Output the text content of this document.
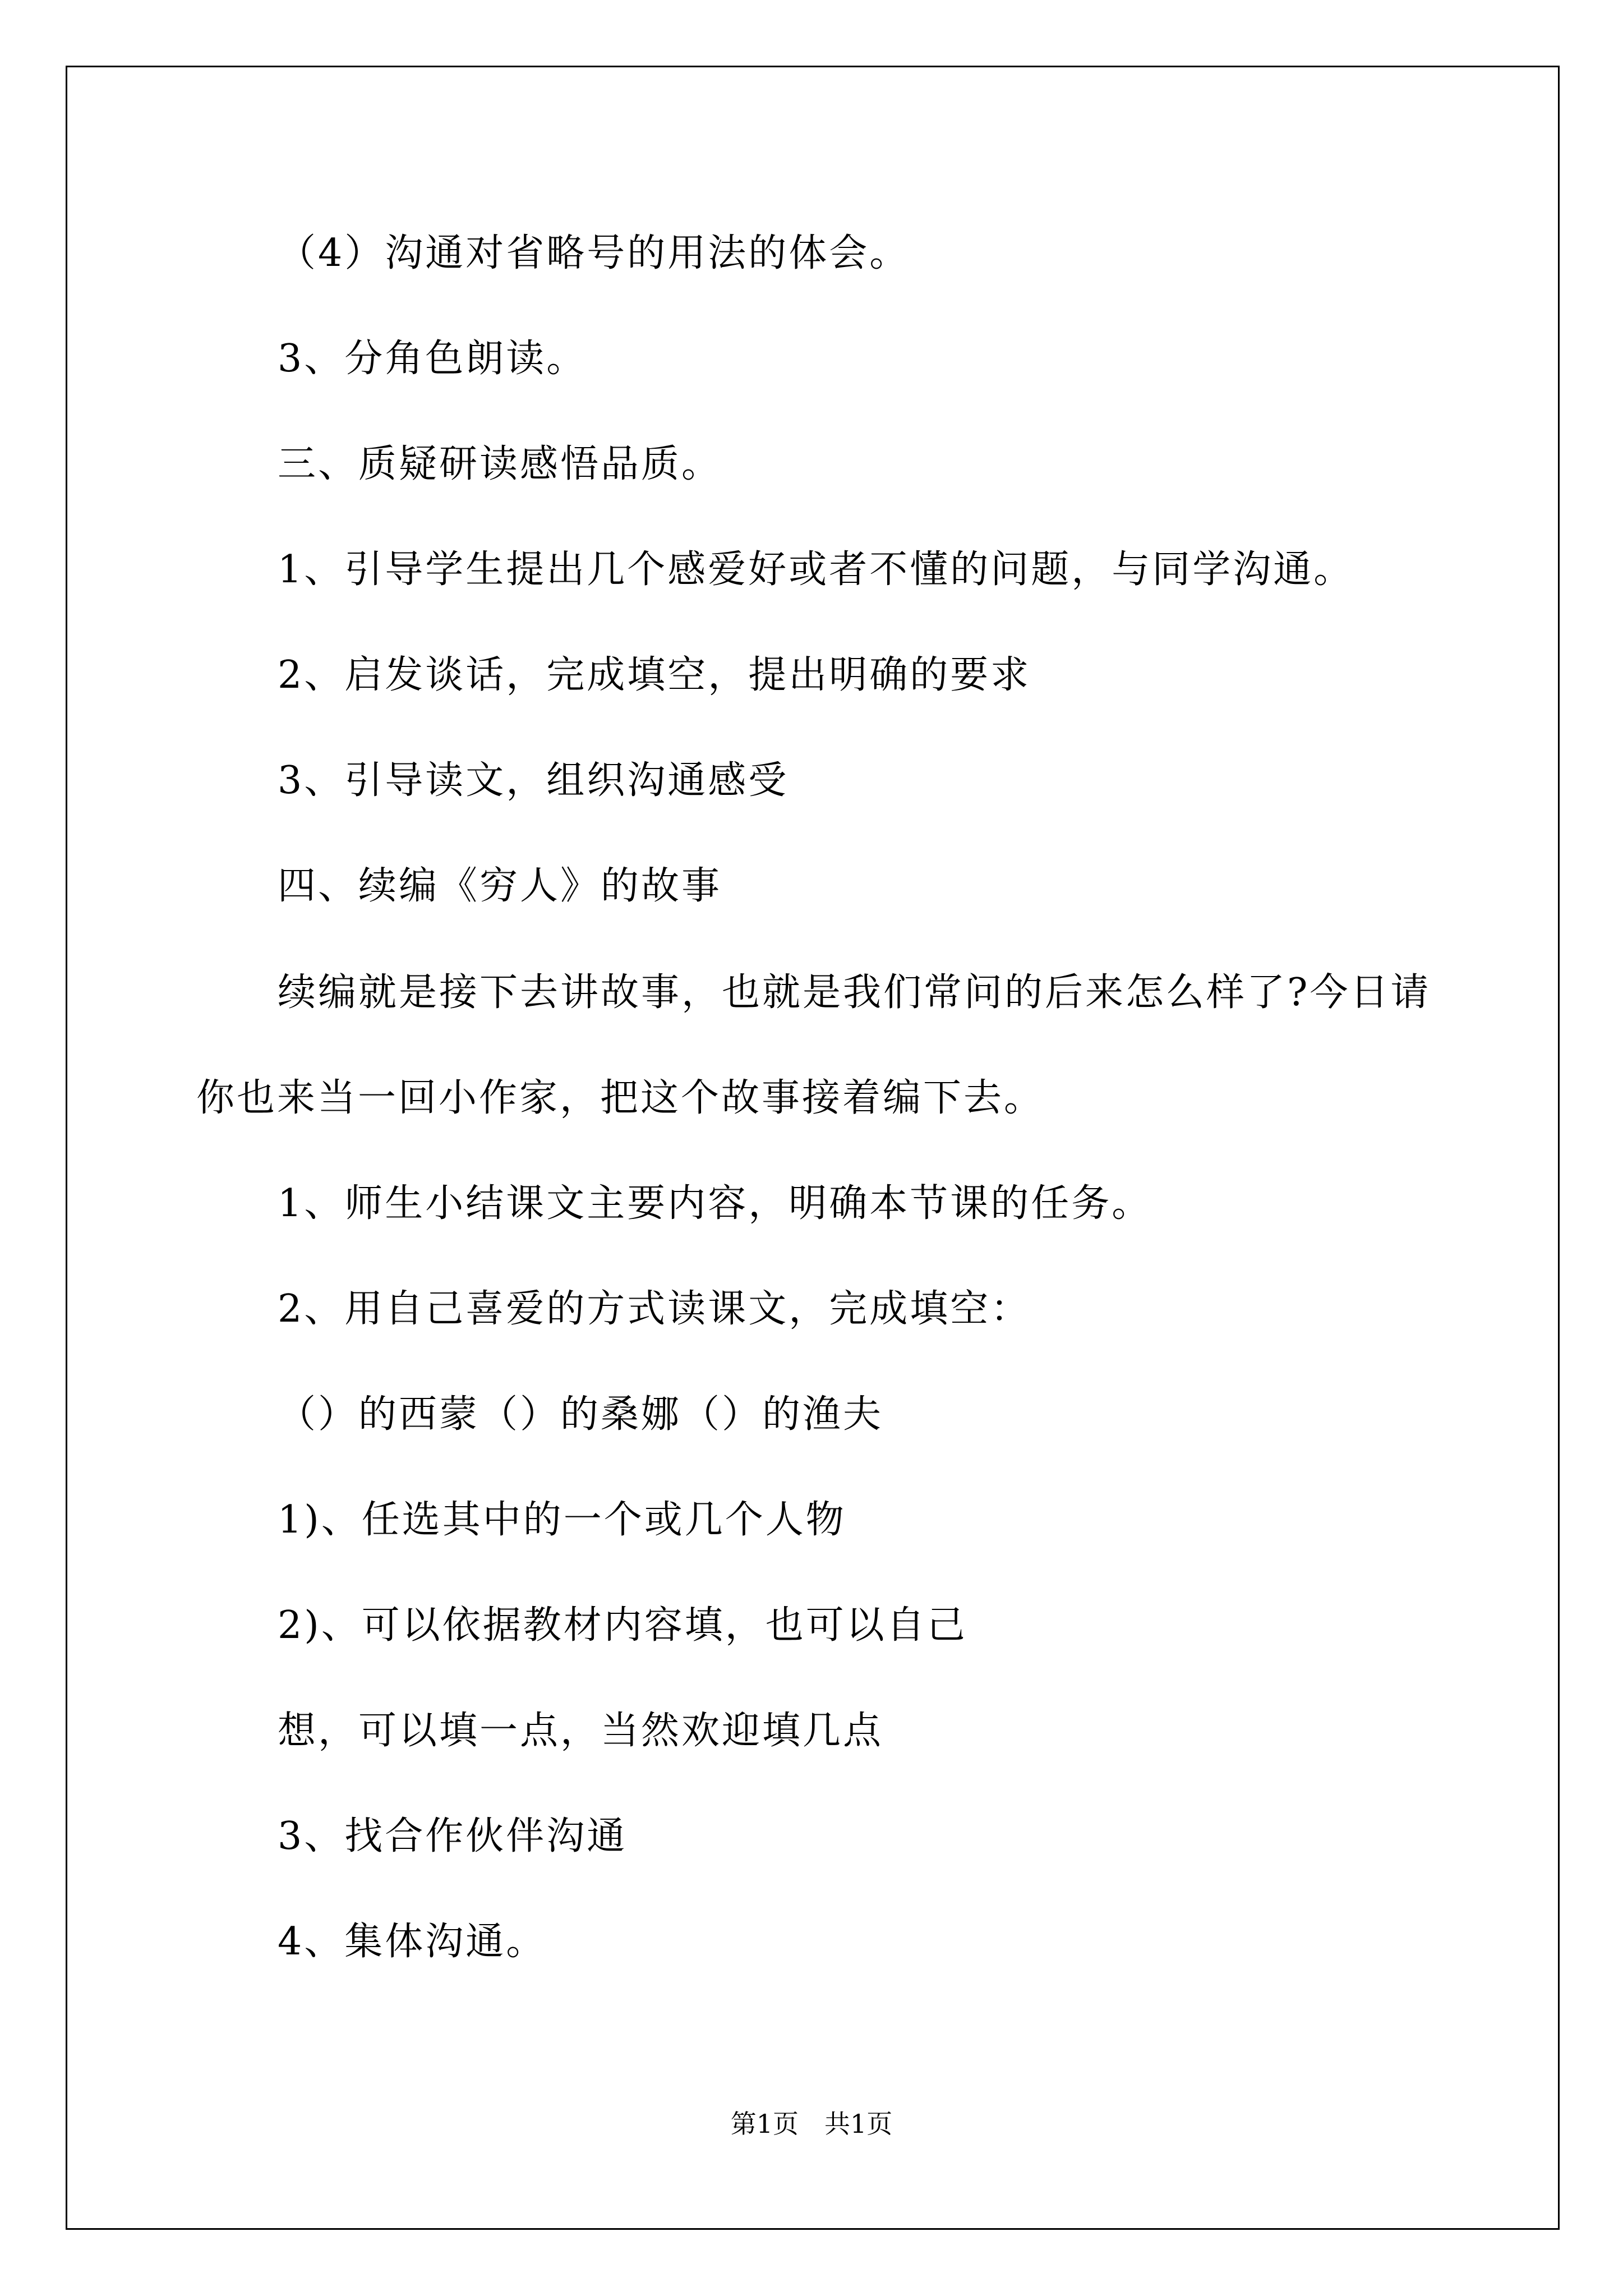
（4）沟通对省略号的用法的体会。
3、分角色朗读。
三、质疑研读感悟品质。
1、引导学生提出几个感爱好或者不懂的问题，与同学沟通。
2、启发谈话，完成填空，提出明确的要求
3、引导读文，组织沟通感受
四、续编《穷人》的故事
续编就是接下去讲故事，也就是我们常问的后来怎么样了?今日请
你也来当一回小作家，把这个故事接着编下去。
1、师生小结课文主要内容，明确本节课的任务。
2、用自己喜爱的方式读课文，完成填空：
（）的西蒙（）的桑娜（）的渔夫
1)、任选其中的一个或几个人物
2)、可以依据教材内容填，也可以自己
想，可以填一点，当然欢迎填几点
3、找合作伙伴沟通
4、集体沟通。
第1页　共1页
